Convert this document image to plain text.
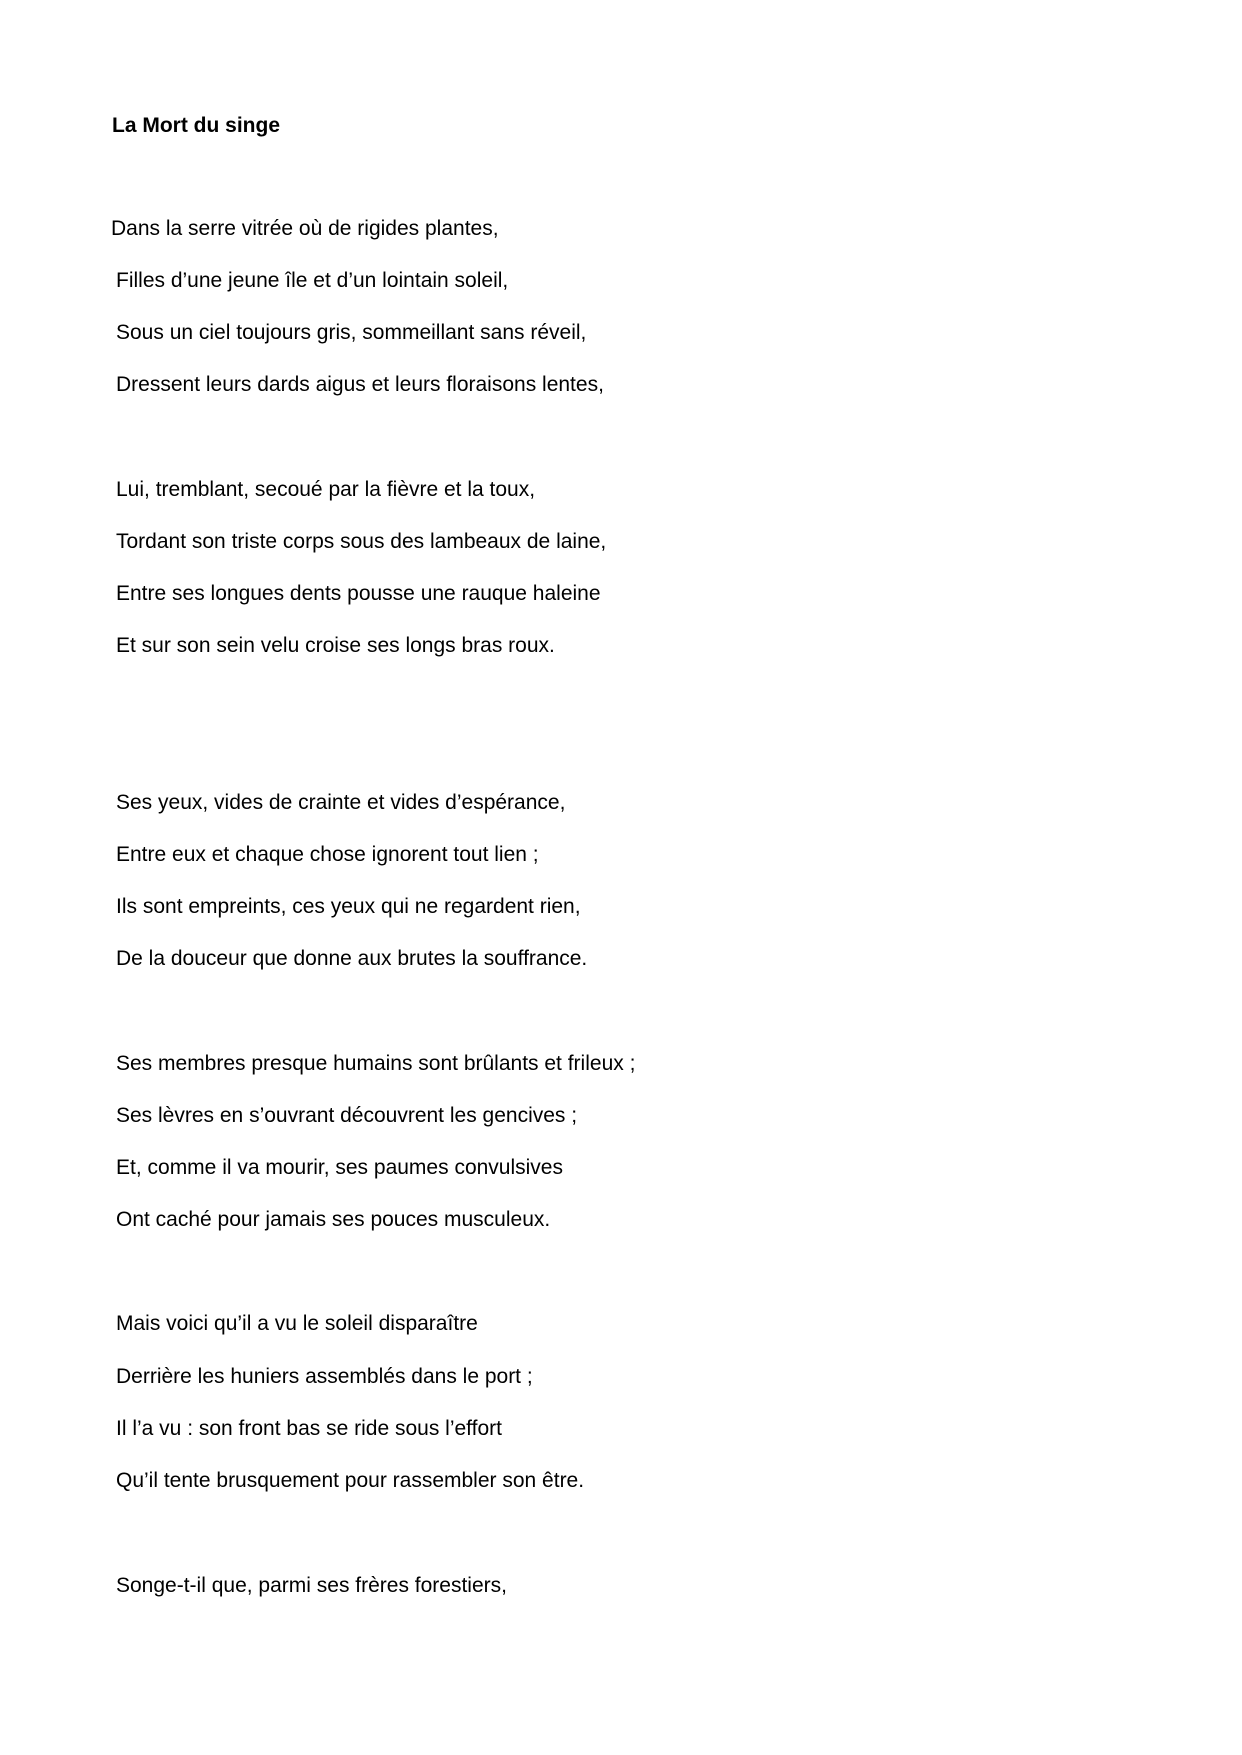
La Mort du singe
Dans la serre vitrée où de rigides plantes,
Filles d’une jeune île et d’un lointain soleil,
Sous un ciel toujours gris, sommeillant sans réveil,
Dressent leurs dards aigus et leurs floraisons lentes,
Lui, tremblant, secoué par la fièvre et la toux,
Tordant son triste corps sous des lambeaux de laine,
Entre ses longues dents pousse une rauque haleine
Et sur son sein velu croise ses longs bras roux.
Ses yeux, vides de crainte et vides d’espérance,
Entre eux et chaque chose ignorent tout lien ;
Ils sont empreints, ces yeux qui ne regardent rien,
De la douceur que donne aux brutes la souffrance.
Ses membres presque humains sont brûlants et frileux ;
Ses lèvres en s’ouvrant découvrent les gencives ;
Et, comme il va mourir, ses paumes convulsives
Ont caché pour jamais ses pouces musculeux.
Mais voici qu’il a vu le soleil disparaître
Derrière les huniers assemblés dans le port ;
Il l’a vu : son front bas se ride sous l’effort
Qu’il tente brusquement pour rassembler son être.
Songe-t-il que, parmi ses frères forestiers,
